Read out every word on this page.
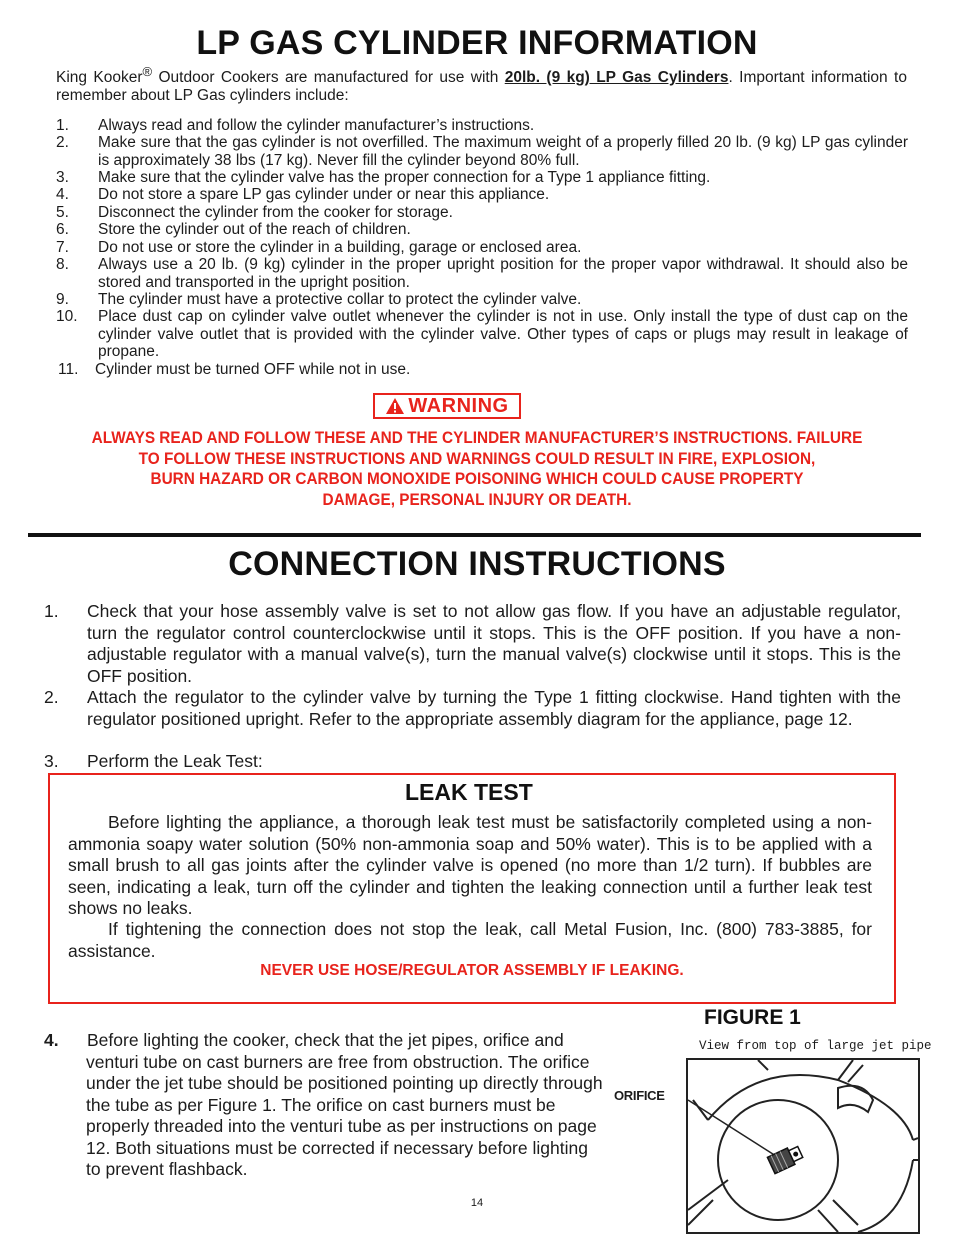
LP GAS CYLINDER INFORMATION
King Kooker® Outdoor Cookers are manufactured for use with 20lb. (9 kg) LP Gas Cylinders. Important information to remember about LP Gas cylinders include:
1. Always read and follow the cylinder manufacturer’s instructions.
2. Make sure that the gas cylinder is not overfilled. The maximum weight of a properly filled 20 lb. (9 kg) LP gas cylinder is approximately 38 lbs (17 kg). Never fill the cylinder beyond 80% full.
3. Make sure that the cylinder valve has the proper connection for a Type 1 appliance fitting.
4. Do not store a spare LP gas cylinder under or near this appliance.
5. Disconnect the cylinder from the cooker for storage.
6. Store the cylinder out of the reach of children.
7. Do not use or store the cylinder in a building, garage or enclosed area.
8. Always use a 20 lb. (9 kg) cylinder in the proper upright position for the proper vapor withdrawal. It should also be stored and transported in the upright position.
9. The cylinder must have a protective collar to protect the cylinder valve.
10. Place dust cap on cylinder valve outlet whenever the cylinder is not in use. Only install the type of dust cap on the cylinder valve outlet that is provided with the cylinder valve. Other types of caps or plugs may result in leakage of propane.
11. Cylinder must be turned OFF while not in use.
WARNING
ALWAYS READ AND FOLLOW THESE AND THE CYLINDER MANUFACTURER’S INSTRUCTIONS. FAILURE
TO FOLLOW THESE INSTRUCTIONS AND WARNINGS COULD RESULT IN FIRE, EXPLOSION,
BURN HAZARD OR CARBON MONOXIDE POISONING WHICH COULD CAUSE PROPERTY
DAMAGE, PERSONAL INJURY OR DEATH.
CONNECTION INSTRUCTIONS
1. Check that your hose assembly valve is set to not allow gas flow. If you have an adjustable regulator, turn the regulator control counterclockwise until it stops. This is the OFF position. If you have a non-adjustable regulator with a manual valve(s), turn the manual valve(s) clockwise until it stops. This is the OFF position.
2. Attach the regulator to the cylinder valve by turning the Type 1 fitting clockwise. Hand tighten with the regulator positioned upright. Refer to the appropriate assembly diagram for the appliance, page 12.
3. Perform the Leak Test:
LEAK TEST
Before lighting the appliance, a thorough leak test must be satisfactorily completed using a non-ammonia soapy water solution (50% non-ammonia soap and 50% water). This is to be applied with a small brush to all gas joints after the cylinder valve is opened (no more than 1/2 turn). If bubbles are seen, indicating a leak, turn off the cylinder and tighten the leaking connection until a further leak test shows no leaks.
If tightening the connection does not stop the leak, call Metal Fusion, Inc. (800) 783-3885, for assistance.
NEVER USE HOSE/REGULATOR ASSEMBLY IF LEAKING.
4. Before lighting the cooker, check that the jet pipes, orifice and venturi tube on cast burners are free from obstruction. The orifice under the jet tube should be positioned pointing up directly through the tube as per Figure 1. The orifice on cast burners must be properly threaded into the venturi tube as per instructions on page 12. Both situations must be corrected if necessary before lighting to prevent flashback.
FIGURE 1
View from top of large jet pipe
ORIFICE
14
